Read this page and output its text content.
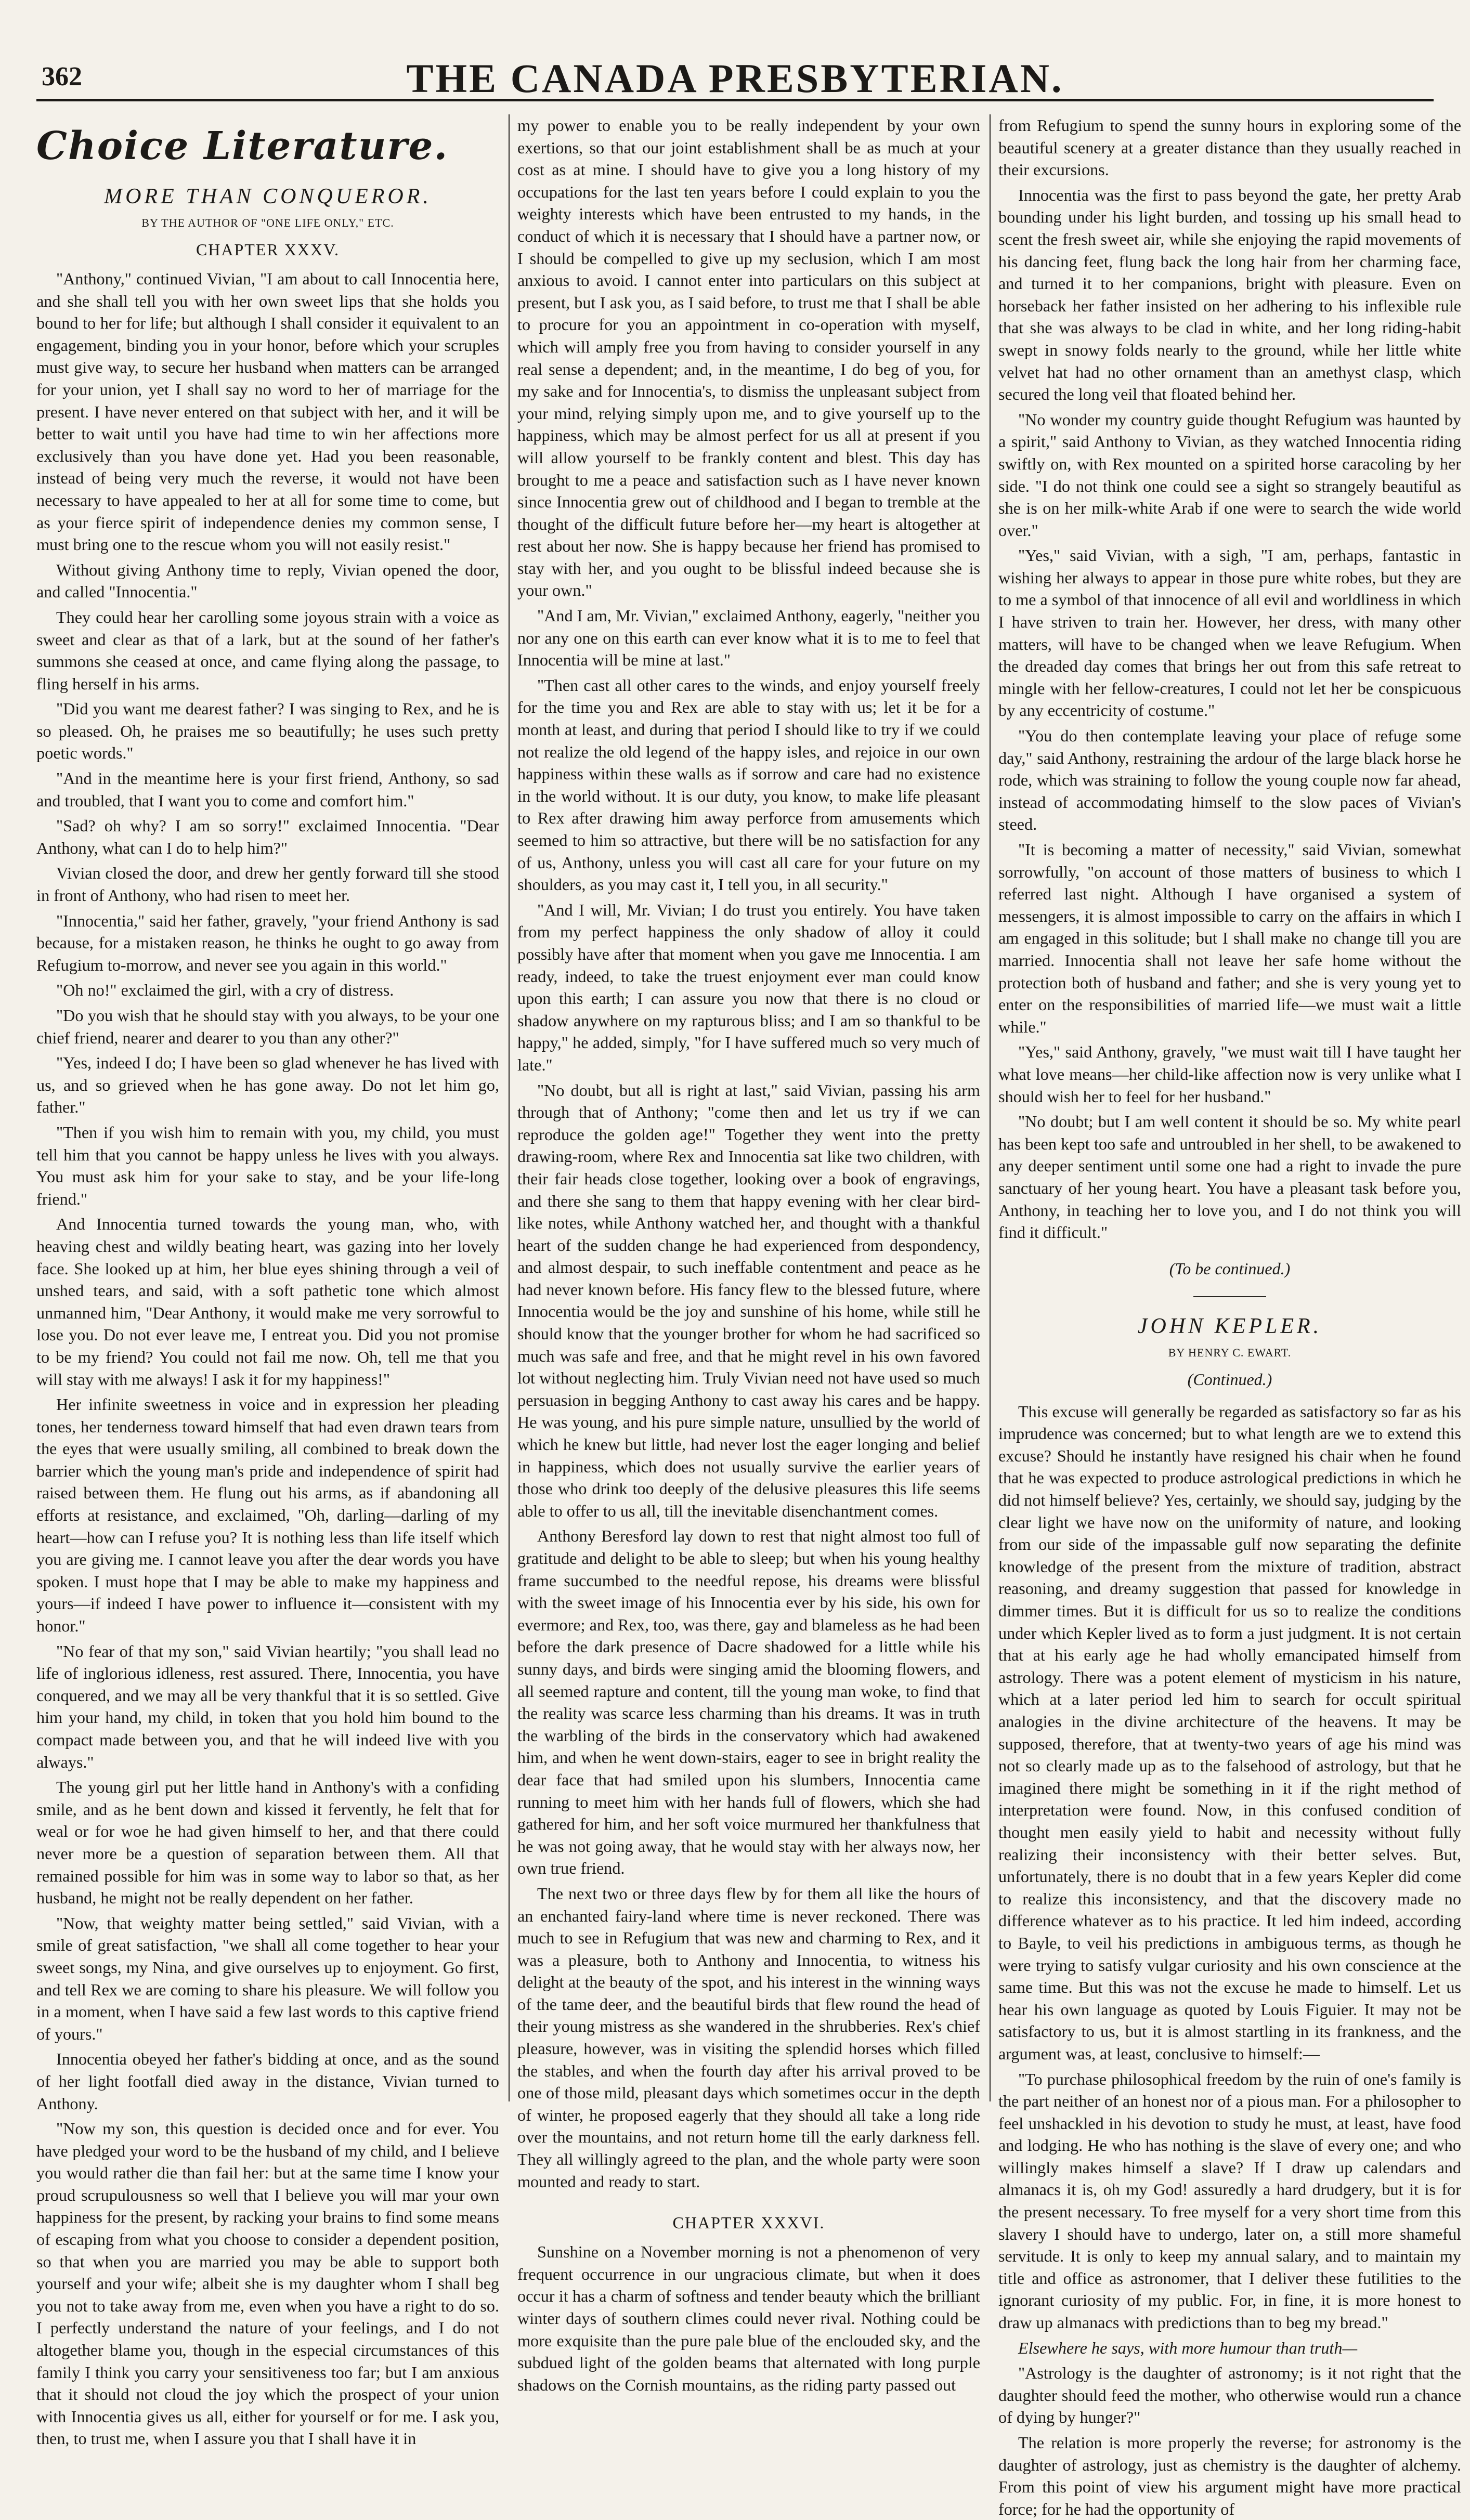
362	THE CANADA PRESBYTERIAN.
Choice Literature.
MORE THAN CONQUEROR.
BY THE AUTHOR OF "ONE LIFE ONLY," ETC.
CHAPTER XXXV.

"Anthony," continued Vivian, "I am about to call Innocentia here, and she shall tell you with her own sweet lips that she holds you bound to her for life; but although I shall consider it equivalent to an engagement, binding you in your honor, before which your scruples must give way, to secure her husband when matters can be arranged for your union, yet I shall say no word to her of marriage for the present. I have never entered on that subject with her, and it will be better to wait until you have had time to win her affections more exclusively than you have done yet. Had you been reasonable, instead of being very much the reverse, it would not have been necessary to have appealed to her at all for some time to come, but as your fierce spirit of independence denies my common sense, I must bring one to the rescue whom you will not easily resist."

Without giving Anthony time to reply, Vivian opened the door, and called "Innocentia."

They could hear her carolling some joyous strain with a voice as sweet and clear as that of a lark, but at the sound of her father's summons she ceased at once, and came flying along the passage, to fling herself in his arms.

"Did you want me dearest father? I was singing to Rex, and he is so pleased. Oh, he praises me so beautifully; he uses such pretty poetic words."

"And in the meantime here is your first friend, Anthony, so sad and troubled, that I want you to come and comfort him."

"Sad? oh why? I am so sorry!" exclaimed Innocentia. "Dear Anthony, what can I do to help him?"

Vivian closed the door, and drew her gently forward till she stood in front of Anthony, who had risen to meet her.

"Innocentia," said her father, gravely, "your friend Anthony is sad because, for a mistaken reason, he thinks he ought to go away from Refugium to-morrow, and never see you again in this world."

"Oh no!" exclaimed the girl, with a cry of distress.

"Do you wish that he should stay with you always, to be your one chief friend, nearer and dearer to you than any other?"

"Yes, indeed I do; I have been so glad whenever he has lived with us, and so grieved when he has gone away. Do not let him go, father."

"Then if you wish him to remain with you, my child, you must tell him that you cannot be happy unless he lives with you always. You must ask him for your sake to stay, and be your life-long friend."

And Innocentia turned towards the young man, who, with heaving chest and wildly beating heart, was gazing into her lovely face. She looked up at him, her blue eyes shining through a veil of unshed tears, and said, with a soft pathetic tone which almost unmanned him, "Dear Anthony, it would make me very sorrowful to lose you. Do not ever leave me, I entreat you. Did you not promise to be my friend? You could not fail me now. Oh, tell me that you will stay with me always! I ask it for my happiness!"

Her infinite sweetness in voice and in expression her pleading tones, her tenderness toward himself that had even drawn tears from the eyes that were usually smiling, all combined to break down the barrier which the young man's pride and independence of spirit had raised between them. He flung out his arms, as if abandoning all efforts at resistance, and exclaimed, "Oh, darling—darling of my heart—how can I refuse you? It is nothing less than life itself which you are giving me. I cannot leave you after the dear words you have spoken. I must hope that I may be able to make my happiness and yours—if indeed I have power to influence it—consistent with my honor."

"No fear of that my son," said Vivian heartily; "you shall lead no life of inglorious idleness, rest assured. There, Innocentia, you have conquered, and we may all be very thankful that it is so settled. Give him your hand, my child, in token that you hold him bound to the compact made between you, and that he will indeed live with you always."

The young girl put her little hand in Anthony's with a confiding smile, and as he bent down and kissed it fervently, he felt that for weal or for woe he had given himself to her, and that there could never more be a question of separation between them. All that remained possible for him was in some way to labor so that, as her husband, he might not be really dependent on her father.

"Now, that weighty matter being settled," said Vivian, with a smile of great satisfaction, "we shall all come together to hear your sweet songs, my Nina, and give ourselves up to enjoyment. Go first, and tell Rex we are coming to share his pleasure. We will follow you in a moment, when I have said a few last words to this captive friend of yours."

Innocentia obeyed her father's bidding at once, and as the sound of her light footfall died away in the distance, Vivian turned to Anthony.

"Now my son, this question is decided once and for ever. You have pledged your word to be the husband of my child, and I believe you would rather die than fail her: but at the same time I know your proud scrupulousness so well that I believe you will mar your own happiness for the present, by racking your brains to find some means of escaping from what you choose to consider a dependent position, so that when you are married you may be able to support both yourself and your wife; albeit she is my daughter whom I shall beg you not to take away from me, even when you have a right to do so. I perfectly understand the nature of your feelings, and I do not altogether blame you, though in the especial circumstances of this family I think you carry your sensitiveness too far; but I am anxious that it should not cloud the joy which the prospect of your union with Innocentia gives us all, either for yourself or for me. I ask you, then, to trust me, when I assure you that I shall have it in

my power to enable you to be really independent by your own exertions, so that our joint establishment shall be as much at your cost as at mine. I should have to give you a long history of my occupations for the last ten years before I could explain to you the weighty interests which have been entrusted to my hands, in the conduct of which it is necessary that I should have a partner now, or I should be compelled to give up my seclusion, which I am most anxious to avoid. I cannot enter into particulars on this subject at present, but I ask you, as I said before, to trust me that I shall be able to procure for you an appointment in co-operation with myself, which will amply free you from having to consider yourself in any real sense a dependent; and, in the meantime, I do beg of you, for my sake and for Innocentia's, to dismiss the unpleasant subject from your mind, relying simply upon me, and to give yourself up to the happiness, which may be almost perfect for us all at present if you will allow yourself to be frankly content and blest. This day has brought to me a peace and satisfaction such as I have never known since Innocentia grew out of childhood and I began to tremble at the thought of the difficult future before her—my heart is altogether at rest about her now. She is happy because her friend has promised to stay with her, and you ought to be blissful indeed because she is your own."

"And I am, Mr. Vivian," exclaimed Anthony, eagerly, "neither you nor any one on this earth can ever know what it is to me to feel that Innocentia will be mine at last."

"Then cast all other cares to the winds, and enjoy yourself freely for the time you and Rex are able to stay with us; let it be for a month at least, and during that period I should like to try if we could not realize the old legend of the happy isles, and rejoice in our own happiness within these walls as if sorrow and care had no existence in the world without. It is our duty, you know, to make life pleasant to Rex after drawing him away perforce from amusements which seemed to him so attractive, but there will be no satisfaction for any of us, Anthony, unless you will cast all care for your future on my shoulders, as you may cast it, I tell you, in all security."

"And I will, Mr. Vivian; I do trust you entirely. You have taken from my perfect happiness the only shadow of alloy it could possibly have after that moment when you gave me Innocentia. I am ready, indeed, to take the truest enjoyment ever man could know upon this earth; I can assure you now that there is no cloud or shadow anywhere on my rapturous bliss; and I am so thankful to be happy," he added, simply, "for I have suffered much so very much of late."

"No doubt, but all is right at last," said Vivian, passing his arm through that of Anthony; "come then and let us try if we can reproduce the golden age!" Together they went into the pretty drawing-room, where Rex and Innocentia sat like two children, with their fair heads close together, looking over a book of engravings, and there she sang to them that happy evening with her clear bird-like notes, while Anthony watched her, and thought with a thankful heart of the sudden change he had experienced from despondency, and almost despair, to such ineffable contentment and peace as he had never known before. His fancy flew to the blessed future, where Innocentia would be the joy and sunshine of his home, while still he should know that the younger brother for whom he had sacrificed so much was safe and free, and that he might revel in his own favored lot without neglecting him. Truly Vivian need not have used so much persuasion in begging Anthony to cast away his cares and be happy. He was young, and his pure simple nature, unsullied by the world of which he knew but little, had never lost the eager longing and belief in happiness, which does not usually survive the earlier years of those who drink too deeply of the delusive pleasures this life seems able to offer to us all, till the inevitable disenchantment comes.

Anthony Beresford lay down to rest that night almost too full of gratitude and delight to be able to sleep; but when his young healthy frame succumbed to the needful repose, his dreams were blissful with the sweet image of his Innocentia ever by his side, his own for evermore; and Rex, too, was there, gay and blameless as he had been before the dark presence of Dacre shadowed for a little while his sunny days, and birds were singing amid the blooming flowers, and all seemed rapture and content, till the young man woke, to find that the reality was scarce less charming than his dreams. It was in truth the warbling of the birds in the conservatory which had awakened him, and when he went down-stairs, eager to see in bright reality the dear face that had smiled upon his slumbers, Innocentia came running to meet him with her hands full of flowers, which she had gathered for him, and her soft voice murmured her thankfulness that he was not going away, that he would stay with her always now, her own true friend.

The next two or three days flew by for them all like the hours of an enchanted fairy-land where time is never reckoned. There was much to see in Refugium that was new and charming to Rex, and it was a pleasure, both to Anthony and Innocentia, to witness his delight at the beauty of the spot, and his interest in the winning ways of the tame deer, and the beautiful birds that flew round the head of their young mistress as she wandered in the shrubberies. Rex's chief pleasure, however, was in visiting the splendid horses which filled the stables, and when the fourth day after his arrival proved to be one of those mild, pleasant days which sometimes occur in the depth of winter, he proposed eagerly that they should all take a long ride over the mountains, and not return home till the early darkness fell. They all willingly agreed to the plan, and the whole party were soon mounted and ready to start.

CHAPTER XXXVI.

Sunshine on a November morning is not a phenomenon of very frequent occurrence in our ungracious climate, but when it does occur it has a charm of softness and tender beauty which the brilliant winter days of southern climes could never rival. Nothing could be more exquisite than the pure pale blue of the enclouded sky, and the subdued light of the golden beams that alternated with long purple shadows on the Cornish mountains, as the riding party passed out

from Refugium to spend the sunny hours in exploring some of the beautiful scenery at a greater distance than they usually reached in their excursions.

Innocentia was the first to pass beyond the gate, her pretty Arab bounding under his light burden, and tossing up his small head to scent the fresh sweet air, while she enjoying the rapid movements of his dancing feet, flung back the long hair from her charming face, and turned it to her companions, bright with pleasure. Even on horseback her father insisted on her adhering to his inflexible rule that she was always to be clad in white, and her long riding-habit swept in snowy folds nearly to the ground, while her little white velvet hat had no other ornament than an amethyst clasp, which secured the long veil that floated behind her.

"No wonder my country guide thought Refugium was haunted by a spirit," said Anthony to Vivian, as they watched Innocentia riding swiftly on, with Rex mounted on a spirited horse caracoling by her side. "I do not think one could see a sight so strangely beautiful as she is on her milk-white Arab if one were to search the wide world over."

"Yes," said Vivian, with a sigh, "I am, perhaps, fantastic in wishing her always to appear in those pure white robes, but they are to me a symbol of that innocence of all evil and worldliness in which I have striven to train her. However, her dress, with many other matters, will have to be changed when we leave Refugium. When the dreaded day comes that brings her out from this safe retreat to mingle with her fellow-creatures, I could not let her be conspicuous by any eccentricity of costume."

"You do then contemplate leaving your place of refuge some day," said Anthony, restraining the ardour of the large black horse he rode, which was straining to follow the young couple now far ahead, instead of accommodating himself to the slow paces of Vivian's steed.

"It is becoming a matter of necessity," said Vivian, somewhat sorrowfully, "on account of those matters of business to which I referred last night. Although I have organised a system of messengers, it is almost impossible to carry on the affairs in which I am engaged in this solitude; but I shall make no change till you are married. Innocentia shall not leave her safe home without the protection both of husband and father; and she is very young yet to enter on the responsibilities of married life—we must wait a little while."

"Yes," said Anthony, gravely, "we must wait till I have taught her what love means—her child-like affection now is very unlike what I should wish her to feel for her husband."

"No doubt; but I am well content it should be so. My white pearl has been kept too safe and untroubled in her shell, to be awakened to any deeper sentiment until some one had a right to invade the pure sanctuary of her young heart. You have a pleasant task before you, Anthony, in teaching her to love you, and I do not think you will find it difficult."

(To be continued.)
JOHN KEPLER.
BY HENRY C. EWART.
(Continued.)

This excuse will generally be regarded as satisfactory so far as his imprudence was concerned; but to what length are we to extend this excuse? Should he instantly have resigned his chair when he found that he was expected to produce astrological predictions in which he did not himself believe? Yes, certainly, we should say, judging by the clear light we have now on the uniformity of nature, and looking from our side of the impassable gulf now separating the definite knowledge of the present from the mixture of tradition, abstract reasoning, and dreamy suggestion that passed for knowledge in dimmer times. But it is difficult for us so to realize the conditions under which Kepler lived as to form a just judgment. It is not certain that at his early age he had wholly emancipated himself from astrology. There was a potent element of mysticism in his nature, which at a later period led him to search for occult spiritual analogies in the divine architecture of the heavens. It may be supposed, therefore, that at twenty-two years of age his mind was not so clearly made up as to the falsehood of astrology, but that he imagined there might be something in it if the right method of interpretation were found. Now, in this confused condition of thought men easily yield to habit and necessity without fully realizing their inconsistency with their better selves. But, unfortunately, there is no doubt that in a few years Kepler did come to realize this inconsistency, and that the discovery made no difference whatever as to his practice. It led him indeed, according to Bayle, to veil his predictions in ambiguous terms, as though he were trying to satisfy vulgar curiosity and his own conscience at the same time. But this was not the excuse he made to himself. Let us hear his own language as quoted by Louis Figuier. It may not be satisfactory to us, but it is almost startling in its frankness, and the argument was, at least, conclusive to himself:—

"To purchase philosophical freedom by the ruin of one's family is the part neither of an honest nor of a pious man. For a philosopher to feel unshackled in his devotion to study he must, at least, have food and lodging. He who has nothing is the slave of every one; and who willingly makes himself a slave? If I draw up calendars and almanacs it is, oh my God! assuredly a hard drudgery, but it is for the present necessary. To free myself for a very short time from this slavery I should have to undergo, later on, a still more shameful servitude. It is only to keep my annual salary, and to maintain my title and office as astronomer, that I deliver these futilities to the ignorant curiosity of my public. For, in fine, it is more honest to draw up almanacs with predictions than to beg my bread."

Elsewhere he says, with more humour than truth—

"Astrology is the daughter of astronomy; is it not right that the daughter should feed the mother, who otherwise would run a chance of dying by hunger?"

The relation is more properly the reverse; for astronomy is the daughter of astrology, just as chemistry is the daughter of alchemy. From this point of view his argument might have more practical force; for he had the opportunity of
